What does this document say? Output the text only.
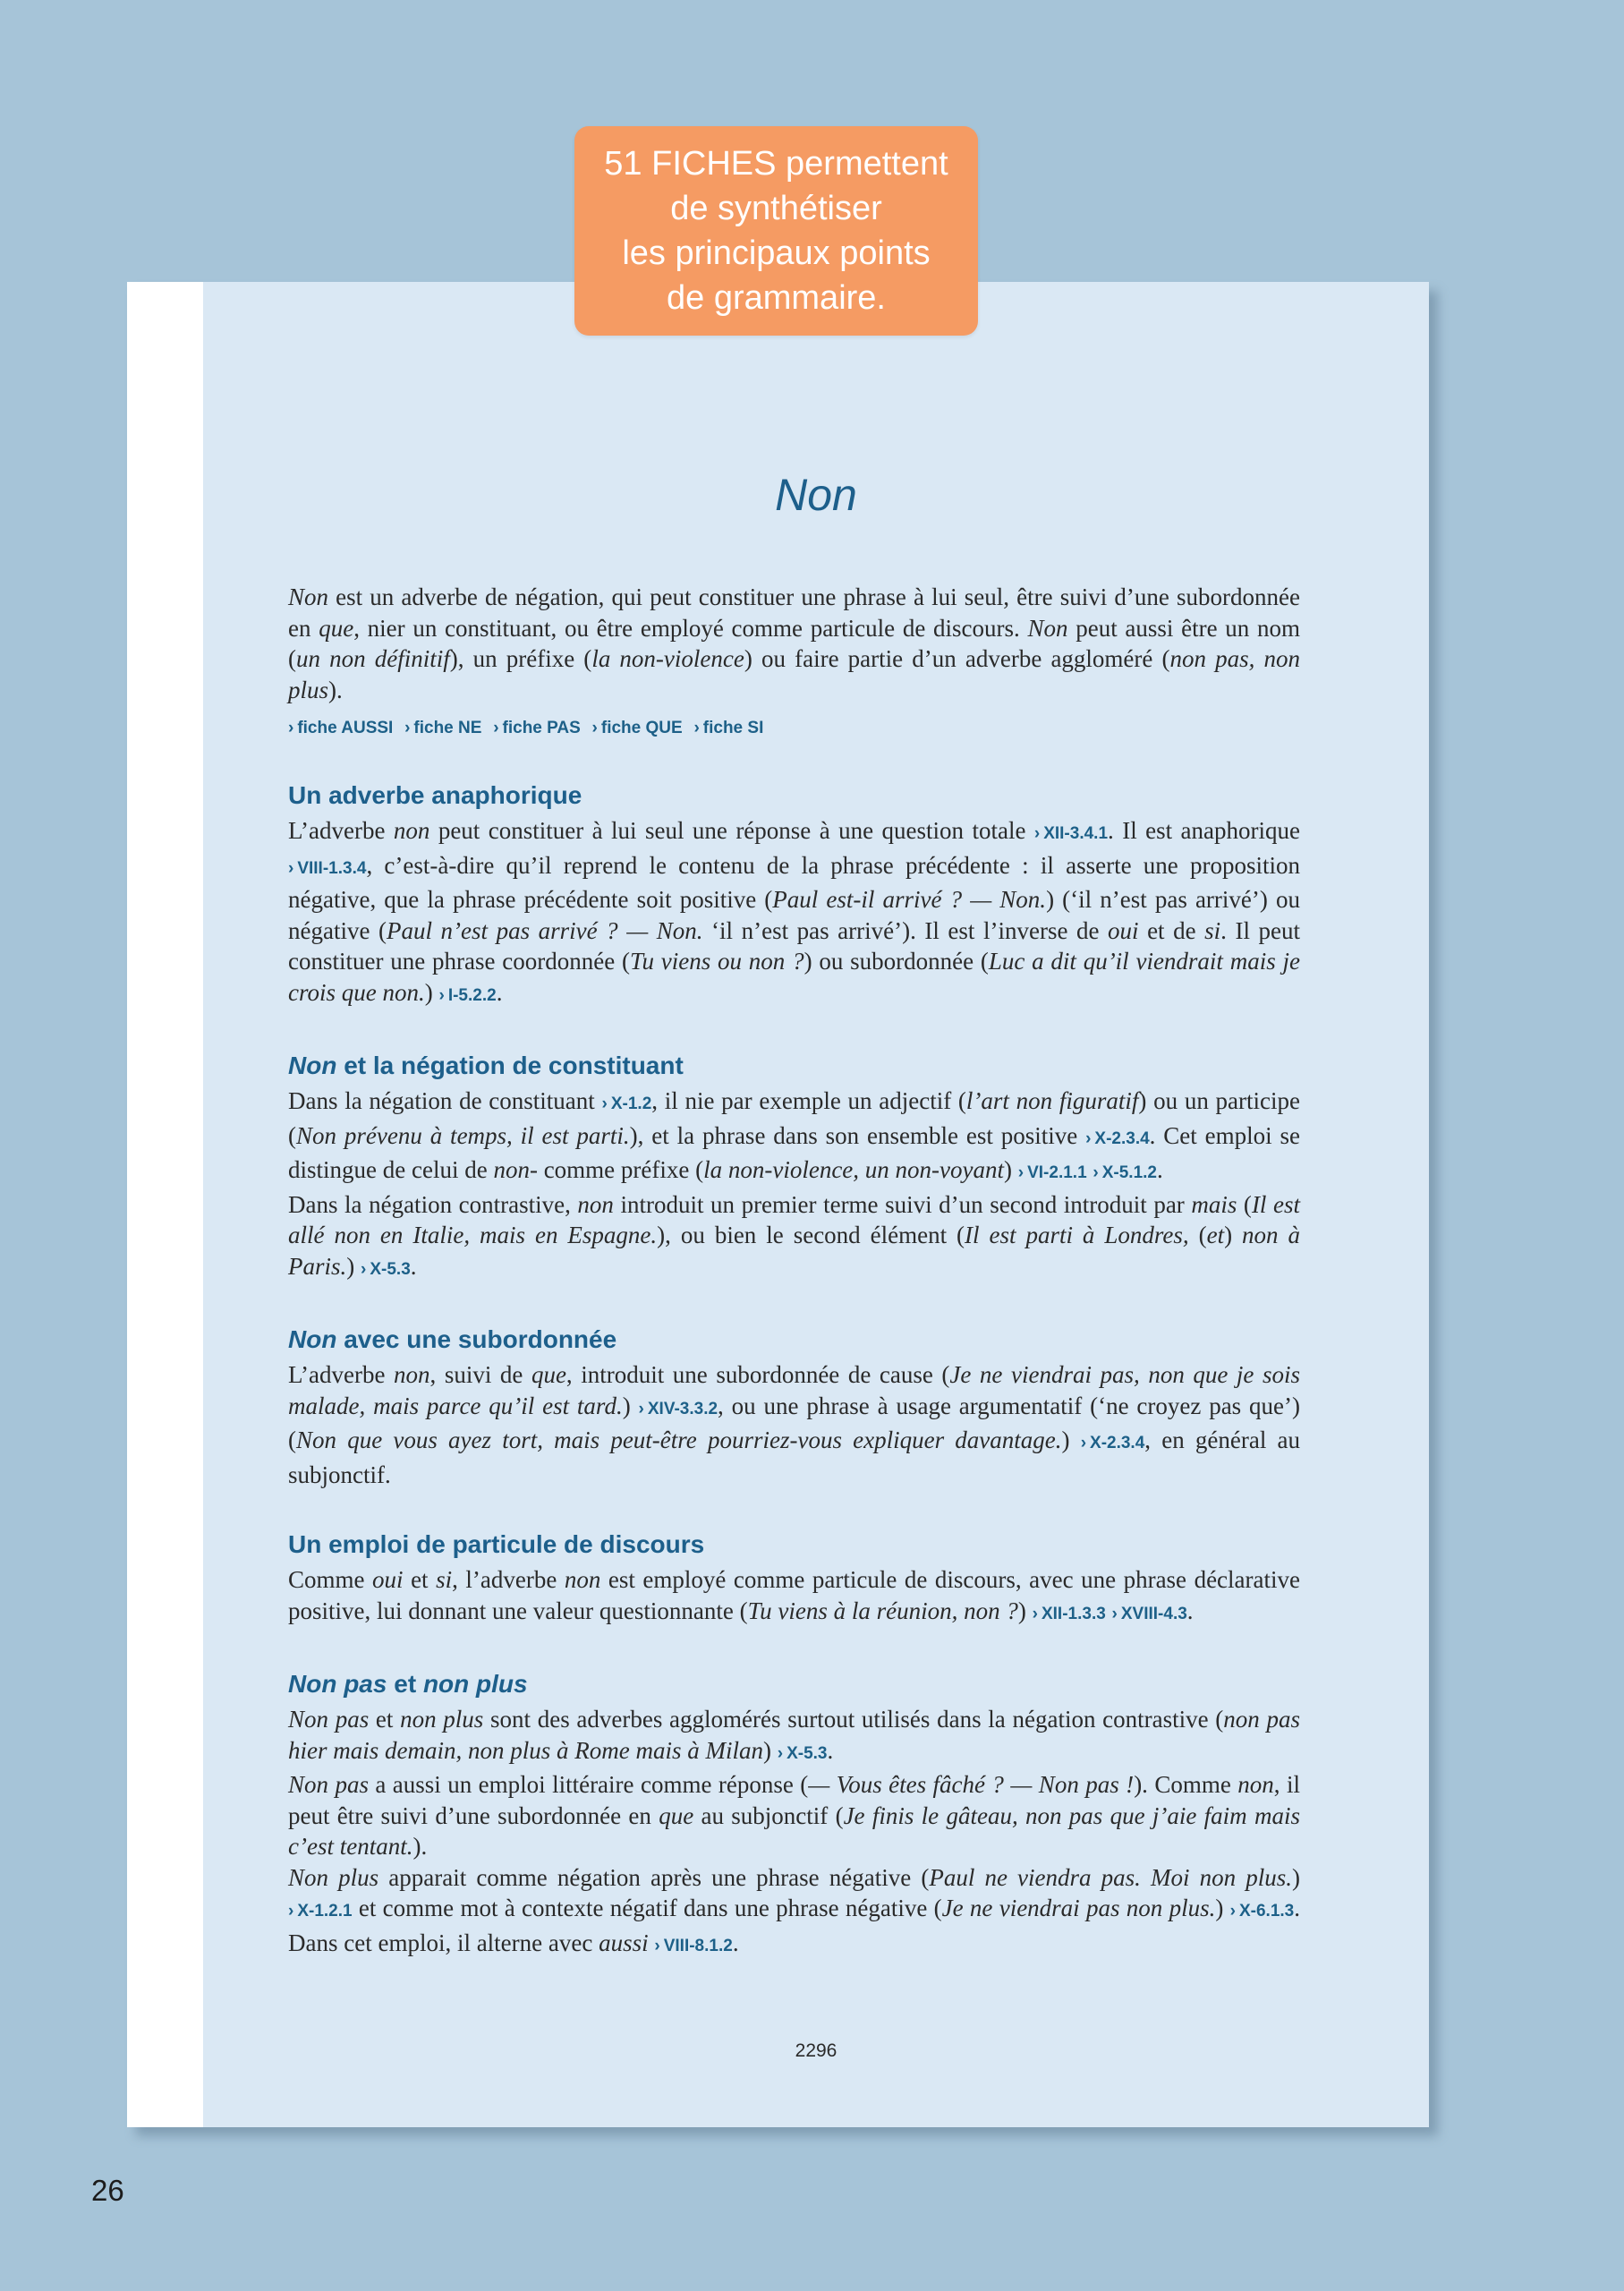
51 FICHES permettent
de synthétiser
les principaux points
de grammaire.
Non

Non est un adverbe de négation, qui peut constituer une phrase à lui seul, être suivi d’une subordonnée en que, nier un constituant, ou être employé comme particule de discours. Non peut aussi être un nom (un non définitif), un préfixe (la non-violence) ou faire partie d’un adverbe aggloméré (non pas, non plus).

› fiche AUSSI › fiche NE › fiche PAS › fiche QUE › fiche SI
Un adverbe anaphorique

L’adverbe non peut constituer à lui seul une réponse à une question totale › XII-3.4.1. Il est anaphorique › VIII-1.3.4, c’est-à-dire qu’il reprend le contenu de la phrase précédente : il asserte une proposition négative, que la phrase précédente soit positive (Paul est-il arrivé ? — Non.) (‘il n’est pas arrivé’) ou négative (Paul n’est pas arrivé ? — Non. ‘il n’est pas arrivé’). Il est l’inverse de oui et de si. Il peut constituer une phrase coordonnée (Tu viens ou non ?) ou subordonnée (Luc a dit qu’il viendrait mais je crois que non.) › I-5.2.2.

Non et la négation de constituant

Dans la négation de constituant › X-1.2, il nie par exemple un adjectif (l’art non figuratif) ou un participe (Non prévenu à temps, il est parti.), et la phrase dans son ensemble est positive › X-2.3.4. Cet emploi se distingue de celui de non- comme préfixe (la non-violence, un non-voyant) › VI-2.1.1 › X-5.1.2.

Dans la négation contrastive, non introduit un premier terme suivi d’un second introduit par mais (Il est allé non en Italie, mais en Espagne.), ou bien le second élément (Il est parti à Londres, (et) non à Paris.) › X-5.3.

Non avec une subordonnée

L’adverbe non, suivi de que, introduit une subordonnée de cause (Je ne viendrai pas, non que je sois malade, mais parce qu’il est tard.) › XIV-3.3.2, ou une phrase à usage argumentatif (‘ne croyez pas que’) (Non que vous ayez tort, mais peut-être pourriez-vous expliquer davantage.) › X-2.3.4, en général au subjonctif.

Un emploi de particule de discours

Comme oui et si, l’adverbe non est employé comme particule de discours, avec une phrase déclarative positive, lui donnant une valeur questionnante (Tu viens à la réunion, non ?) › XII-1.3.3 › XVIII-4.3.

Non pas et non plus

Non pas et non plus sont des adverbes agglomérés surtout utilisés dans la négation contrastive (non pas hier mais demain, non plus à Rome mais à Milan) › X-5.3.

Non pas a aussi un emploi littéraire comme réponse (— Vous êtes fâché ? — Non pas !). Comme non, il peut être suivi d’une subordonnée en que au subjonctif (Je finis le gâteau, non pas que j’aie faim mais c’est tentant.).

Non plus apparait comme négation après une phrase négative (Paul ne viendra pas. Moi non plus.) › X-1.2.1 et comme mot à contexte négatif dans une phrase négative (Je ne viendrai pas non plus.) › X-6.1.3. Dans cet emploi, il alterne avec aussi › VIII-8.1.2.

2296
26
